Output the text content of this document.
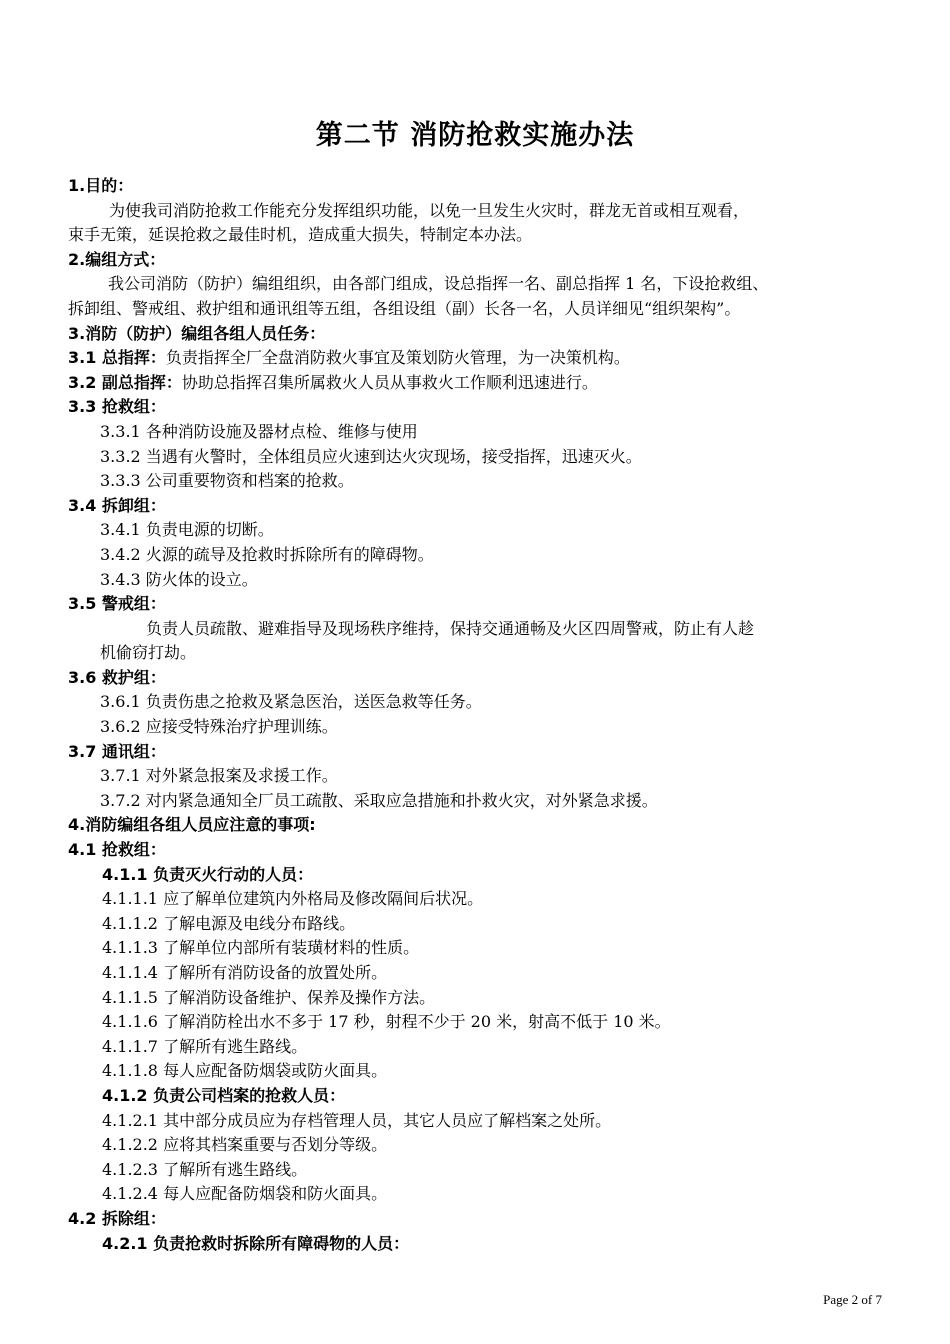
第二节 消防抢救实施办法
1.目的：
为使我司消防抢救工作能充分发挥组织功能，以免一旦发生火灾时，群龙无首或相互观看，
束手无策，延误抢救之最佳时机，造成重大损失，特制定本办法。
2.编组方式：
我公司消防（防护）编组组织，由各部门组成，设总指挥一名、副总指挥 1 名，下设抢救组、
拆卸组、警戒组、救护组和通讯组等五组，各组设组（副）长各一名，人员详细见“组织架构”。
3.消防（防护）编组各组人员任务：
3.1 总指挥：负责指挥全厂全盘消防救火事宜及策划防火管理，为一决策机构。
3.2 副总指挥：协助总指挥召集所属救火人员从事救火工作顺利迅速进行。
3.3 抢救组：
3.3.1 各种消防设施及器材点检、维修与使用
3.3.2 当遇有火警时，全体组员应火速到达火灾现场，接受指挥，迅速灭火。
3.3.3 公司重要物资和档案的抢救。
3.4 拆卸组：
3.4.1 负责电源的切断。
3.4.2 火源的疏导及抢救时拆除所有的障碍物。
3.4.3 防火体的设立。
3.5 警戒组：
负责人员疏散、避难指导及现场秩序维持，保持交通通畅及火区四周警戒，防止有人趁
机偷窃打劫。
3.6 救护组：
3.6.1 负责伤患之抢救及紧急医治，送医急救等任务。
3.6.2 应接受特殊治疗护理训练。
3.7 通讯组：
3.7.1 对外紧急报案及求援工作。
3.7.2 对内紧急通知全厂员工疏散、采取应急措施和扑救火灾，对外紧急求援。
4.消防编组各组人员应注意的事项:
4.1 抢救组：
4.1.1 负责灭火行动的人员：
4.1.1.1 应了解单位建筑内外格局及修改隔间后状况。
4.1.1.2 了解电源及电线分布路线。
4.1.1.3 了解单位内部所有装璜材料的性质。
4.1.1.4 了解所有消防设备的放置处所。
4.1.1.5 了解消防设备维护、保养及操作方法。
4.1.1.6 了解消防栓出水不多于 17 秒，射程不少于 20 米，射高不低于 10 米。
4.1.1.7 了解所有逃生路线。
4.1.1.8 每人应配备防烟袋或防火面具。
4.1.2 负责公司档案的抢救人员：
4.1.2.1 其中部分成员应为存档管理人员，其它人员应了解档案之处所。
4.1.2.2 应将其档案重要与否划分等级。
4.1.2.3 了解所有逃生路线。
4.1.2.4 每人应配备防烟袋和防火面具。
4.2 拆除组：
4.2.1 负责抢救时拆除所有障碍物的人员：
Page 2 of 7
